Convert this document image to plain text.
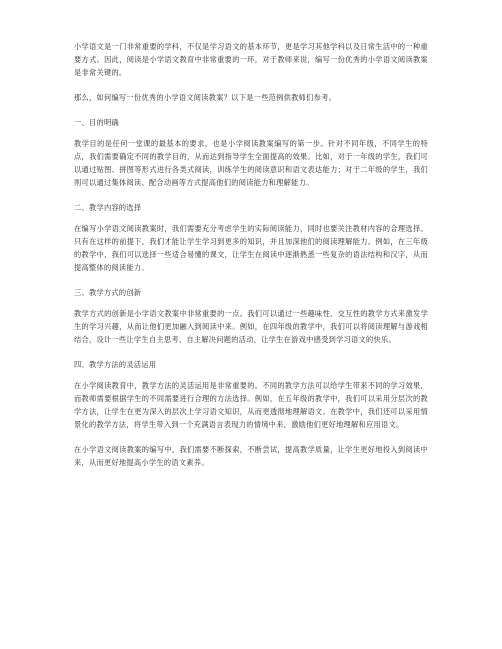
小学语文是一门非常重要的学科，不仅是学习语文的基本环节，更是学习其他学科以及日常生活中的一种重要方式。因此，阅读是小学语文教育中非常重要的一环，对于教师来说，编写一份优秀的小学语文阅读教案是非常关键的。

那么，如何编写一份优秀的小学语文阅读教案？以下是一些范例供教师们参考。

一、目的明确

教学目的是任何一堂课的最基本的要求，也是小学阅读教案编写的第一步。针对不同年级，不同学生的特点，我们需要确定不同的教学目的，从而达到指导学生全面提高的效果。比如，对于一年级的学生，我们可以通过贴图、拼图等形式进行各类式阅读，训练学生的阅读意识和语文表达能力；对于二年级的学生，我们则可以通过集体阅读、配合动画等方式提高他们的阅读能力和理解能力。

二、教学内容的选择

在编写小学语文阅读教案时，我们需要充分考虑学生的实际阅读能力，同时也要关注教材内容的合理选择。只有在这样的前提下，我们才能让学生学习到更多的知识，并且加深他们的阅读理解能力。例如，在三年级的教学中，我们可以选择一些适合易懂的课文，让学生在阅读中逐渐熟悉一些复杂的语法结构和汉字，从而提高整体的阅读能力。

三、教学方式的创新

教学方式的创新是小学语文教案中非常重要的一点。我们可以通过一些趣味性、交互性的教学方式来激发学生的学习兴趣，从而让他们更加融入到阅读中来。例如，在四年级的教学中，我们可以将阅读理解与游戏相结合，设计一些让学生自主思考、自主解决问题的活动，让学生在游戏中感受到学习语文的快乐。

四、教学方法的灵活运用

在小学阅读教育中，教学方法的灵活运用是非常重要的。不同的教学方法可以给学生带来不同的学习效果，而教师需要根据学生的不同需要进行合理的方法选择。例如，在五年级的教学中，我们可以采用分层次的教学方法，让学生在更为深入的层次上学习语文知识，从而更透彻地理解语文。在教学中，我们还可以采用情景化的教学方法，将学生带入到一个充满语言表现力的情境中来，激励他们更好地理解和应用语文。

在小学语文阅读教案的编写中，我们需要不断探索，不断尝试，提高教学质量，让学生更好地投入到阅读中来，从而更好地提高小学生的语文素养。
